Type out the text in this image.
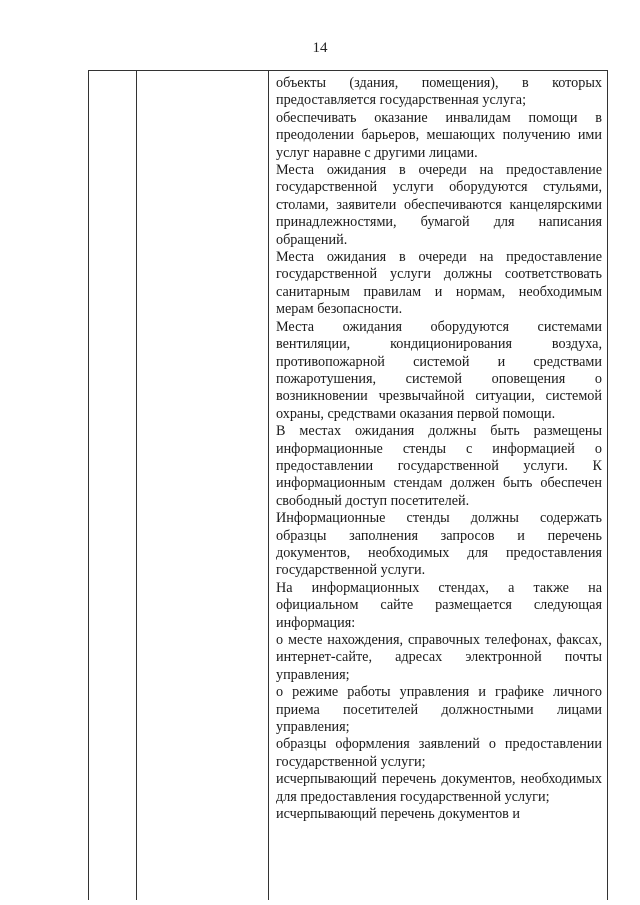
14

объекты (здания, помещения), в которых предоставляется государственная услуга;

обеспечивать оказание инвалидам помощи в преодолении барьеров, мешающих получению ими услуг наравне с другими лицами.

Места ожидания в очереди на предоставление государственной услуги оборудуются стульями, столами, заявители обеспечиваются канцелярскими принадлежностями, бумагой для написания обращений.

Места ожидания в очереди на предоставление государственной услуги должны соответствовать санитарным правилам и нормам, необходимым мерам безопасности.

Места ожидания оборудуются системами вентиляции, кондиционирования воздуха, противопожарной системой и средствами пожаротушения, системой оповещения о возникновении чрезвычайной ситуации, системой охраны, средствами оказания первой помощи.

В местах ожидания должны быть размещены информационные стенды с информацией о предоставлении государственной услуги. К информационным стендам должен быть обеспечен свободный доступ посетителей.

Информационные стенды должны содержать образцы заполнения запросов и перечень документов, необходимых для предоставления государственной услуги.

На информационных стендах, а также на официальном сайте размещается следующая информация:

о месте нахождения, справочных телефонах, факсах, интернет-сайте, адресах электронной почты управления;

о режиме работы управления и графике личного приема посетителей должностными лицами управления;

образцы оформления заявлений о предоставлении государственной услуги;

исчерпывающий перечень документов, необходимых для предоставления государственной услуги;

исчерпывающий перечень документов и
